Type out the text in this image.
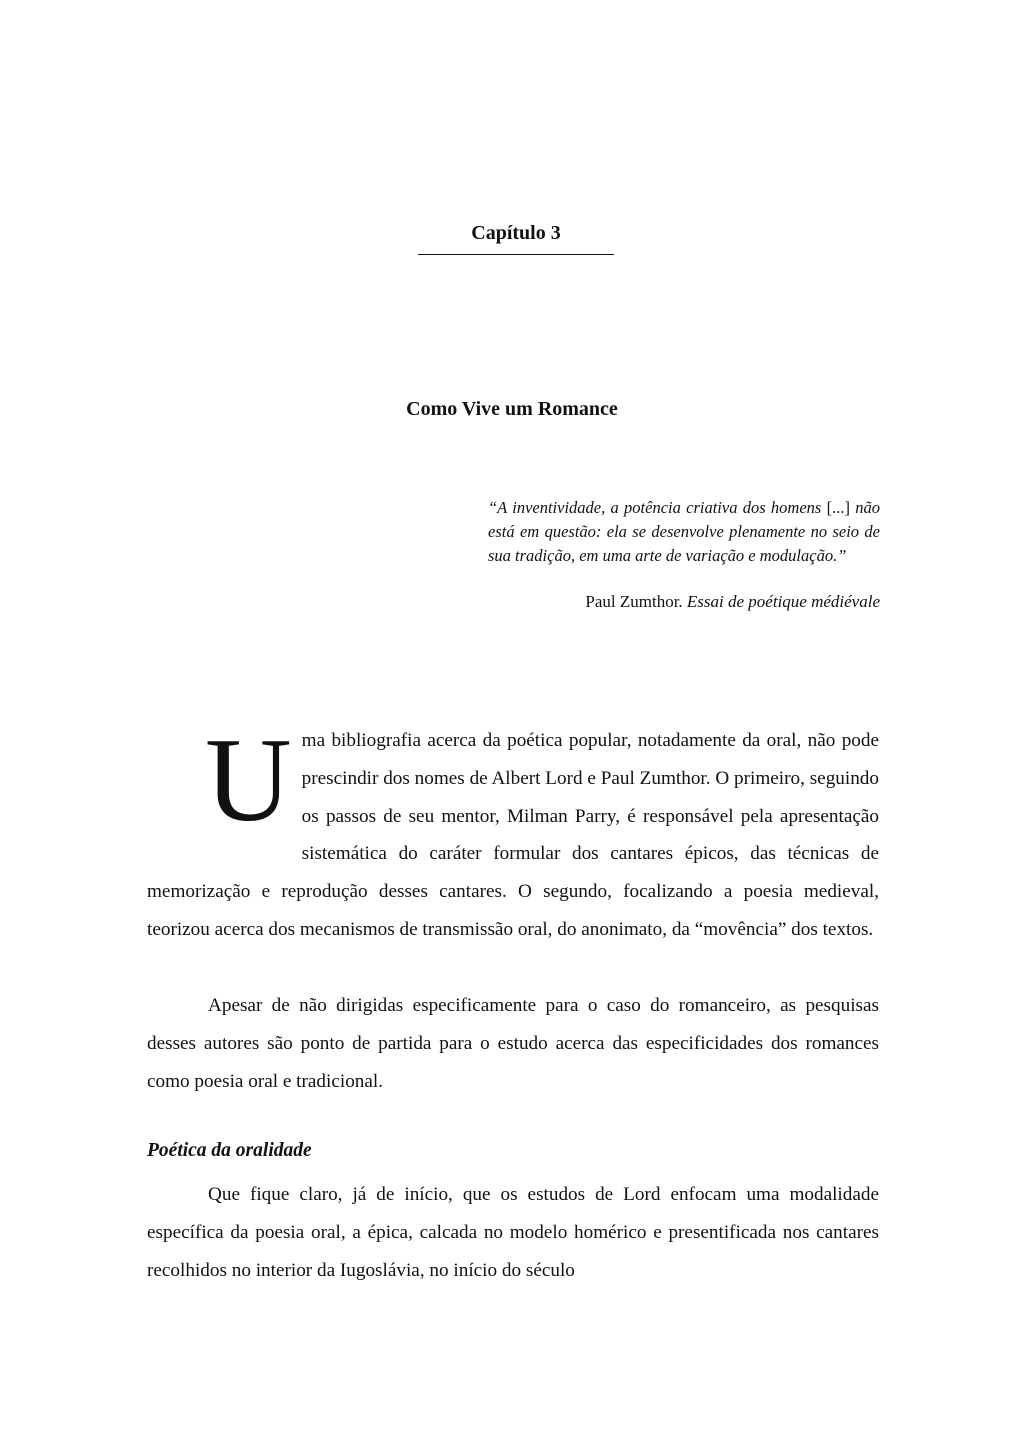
Capítulo 3
Como Vive um Romance
“A inventividade, a potência criativa dos homens [...] não está em questão: ela se desenvolve plenamente no seio de sua tradição, em uma arte de variação e modulação.”
Paul Zumthor. Essai de poétique médiévale
Uma bibliografia acerca da poética popular, notadamente da oral, não pode prescindir dos nomes de Albert Lord e Paul Zumthor. O primeiro, seguindo os passos de seu mentor, Milman Parry, é responsável pela apresentação sistemática do caráter formular dos cantares épicos, das técnicas de memorização e reprodução desses cantares. O segundo, focalizando a poesia medieval, teorizou acerca dos mecanismos de transmissão oral, do anonimato, da “movência” dos textos.
Apesar de não dirigidas especificamente para o caso do romanceiro, as pesquisas desses autores são ponto de partida para o estudo acerca das especificidades dos romances como poesia oral e tradicional.
Poética da oralidade
Que fique claro, já de início, que os estudos de Lord enfocam uma modalidade específica da poesia oral, a épica, calcada no modelo homérico e presentificada nos cantares recolhidos no interior da Iugoslávia, no início do século
